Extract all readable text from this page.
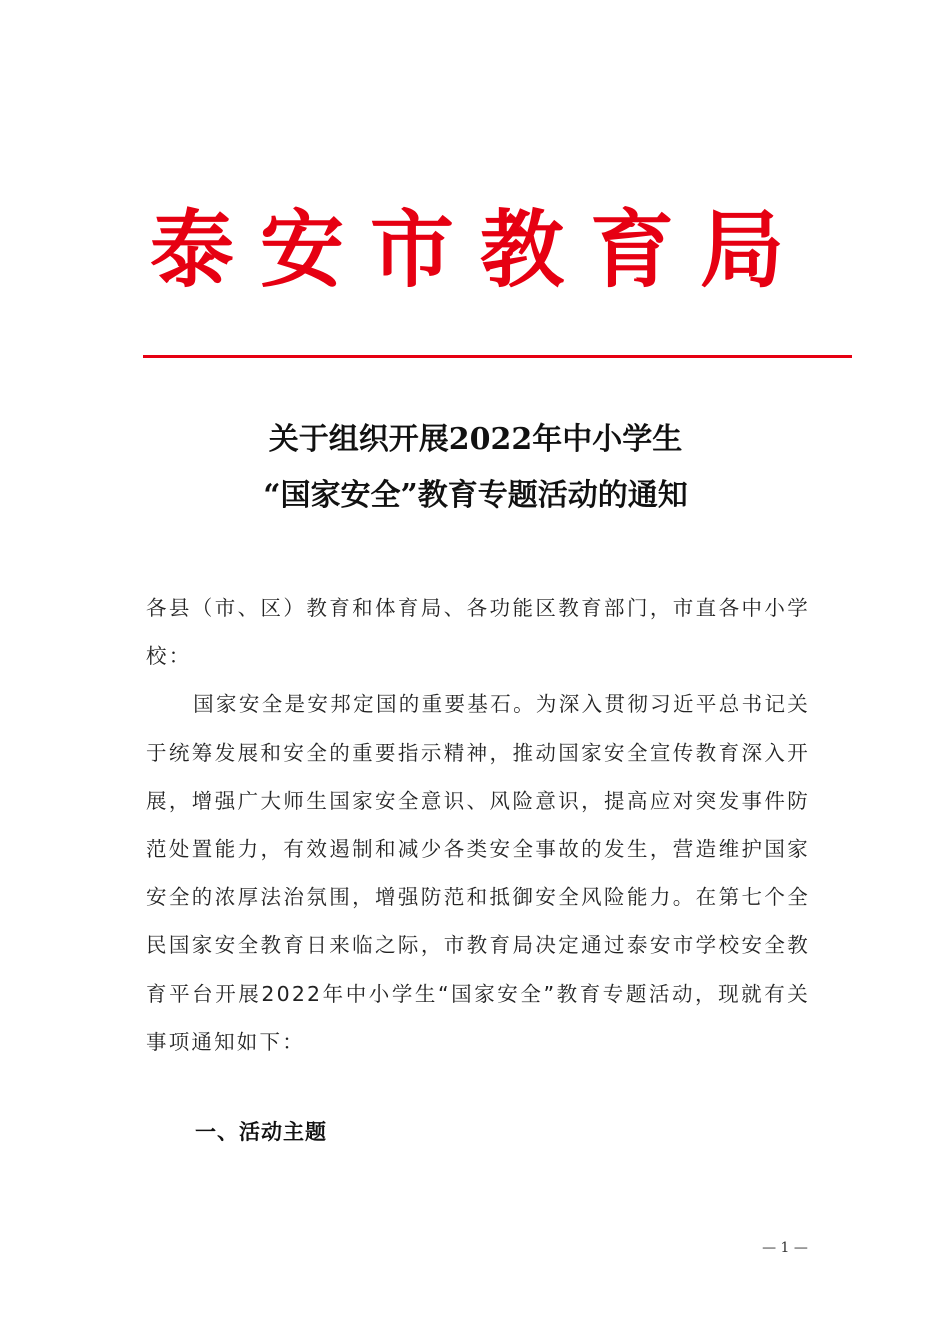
泰安市教育局
关于组织开展2022年中小学生
“国家安全”教育专题活动的通知

各县（市、区）教育和体育局、各功能区教育部门，市直各中小学校：

国家安全是安邦定国的重要基石。为深入贯彻习近平总书记关于统筹发展和安全的重要指示精神，推动国家安全宣传教育深入开展，增强广大师生国家安全意识、风险意识，提高应对突发事件防范处置能力，有效遏制和减少各类安全事故的发生，营造维护国家安全的浓厚法治氛围，增强防范和抵御安全风险能力。在第七个全民国家安全教育日来临之际，市教育局决定通过泰安市学校安全教育平台开展2022年中小学生“国家安全”教育专题活动，现就有关事项通知如下：

一、活动主题
— 1 —
